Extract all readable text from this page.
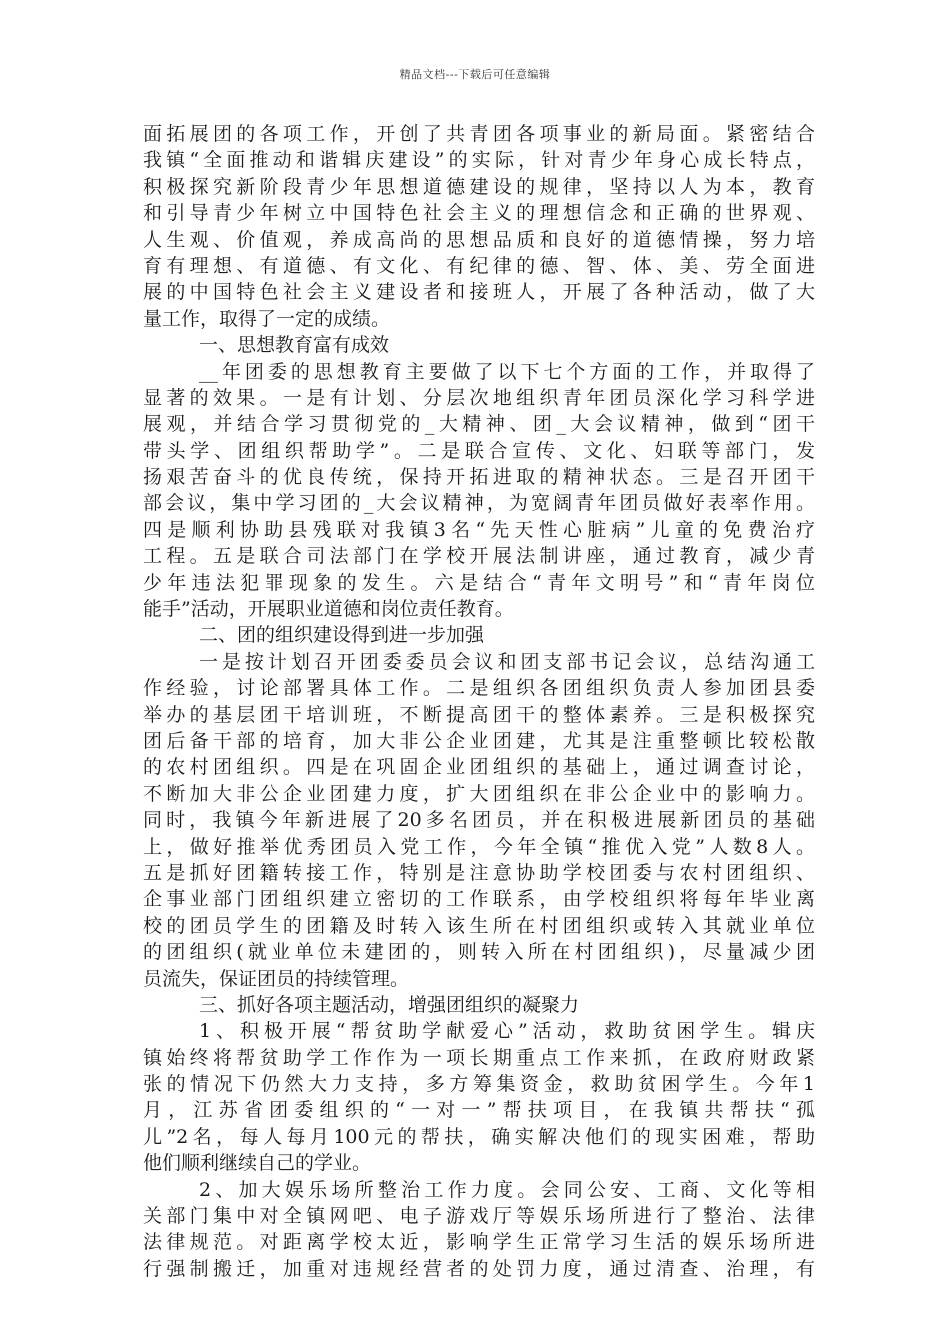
精品文档---下载后可任意编辑
面拓展团的各项工作，开创了共青团各项事业的新局面。紧密结合
我镇“全面推动和谐辑庆建设”的实际，针对青少年身心成长特点，
积极探究新阶段青少年思想道德建设的规律，坚持以人为本，教育
和引导青少年树立中国特色社会主义的理想信念和正确的世界观、
人生观、价值观，养成高尚的思想品质和良好的道德情操，努力培
育有理想、有道德、有文化、有纪律的德、智、体、美、劳全面进
展的中国特色社会主义建设者和接班人，开展了各种活动，做了大
量工作，取得了一定的成绩。
一、思想教育富有成效
__年团委的思想教育主要做了以下七个方面的工作，并取得了
显著的效果。一是有计划、分层次地组织青年团员深化学习科学进
展观，并结合学习贯彻党的_大精神、团_大会议精神，做到“团干
带头学、团组织帮助学”。二是联合宣传、文化、妇联等部门，发
扬艰苦奋斗的优良传统，保持开拓进取的精神状态。三是召开团干
部会议，集中学习团的_大会议精神，为宽阔青年团员做好表率作用。
四是顺利协助县残联对我镇3名“先天性心脏病”儿童的免费治疗
工程。五是联合司法部门在学校开展法制讲座，通过教育，减少青
少年违法犯罪现象的发生。六是结合“青年文明号”和“青年岗位
能手”活动，开展职业道德和岗位责任教育。
二、团的组织建设得到进一步加强
一是按计划召开团委委员会议和团支部书记会议，总结沟通工
作经验，讨论部署具体工作。二是组织各团组织负责人参加团县委
举办的基层团干培训班，不断提高团干的整体素养。三是积极探究
团后备干部的培育，加大非公企业团建，尤其是注重整顿比较松散
的农村团组织。四是在巩固企业团组织的基础上，通过调查讨论，
不断加大非公企业团建力度，扩大团组织在非公企业中的影响力。
同时，我镇今年新进展了20多名团员，并在积极进展新团员的基础
上，做好推举优秀团员入党工作，今年全镇“推优入党”人数8人。
五是抓好团籍转接工作，特别是注意协助学校团委与农村团组织、
企事业部门团组织建立密切的工作联系，由学校组织将每年毕业离
校的团员学生的团籍及时转入该生所在村团组织或转入其就业单位
的团组织(就业单位未建团的，则转入所在村团组织)，尽量减少团
员流失，保证团员的持续管理。
三、抓好各项主题活动，增强团组织的凝聚力
1、积极开展“帮贫助学献爱心”活动，救助贫困学生。辑庆
镇始终将帮贫助学工作作为一项长期重点工作来抓，在政府财政紧
张的情况下仍然大力支持，多方筹集资金，救助贫困学生。今年1
月，江苏省团委组织的“一对一”帮扶项目，在我镇共帮扶“孤
儿”2名，每人每月100元的帮扶，确实解决他们的现实困难，帮助
他们顺利继续自己的学业。
2、加大娱乐场所整治工作力度。会同公安、工商、文化等相
关部门集中对全镇网吧、电子游戏厅等娱乐场所进行了整治、法律
法律规范。对距离学校太近，影响学生正常学习生活的娱乐场所进
行强制搬迁，加重对违规经营者的处罚力度，通过清查、治理，有
